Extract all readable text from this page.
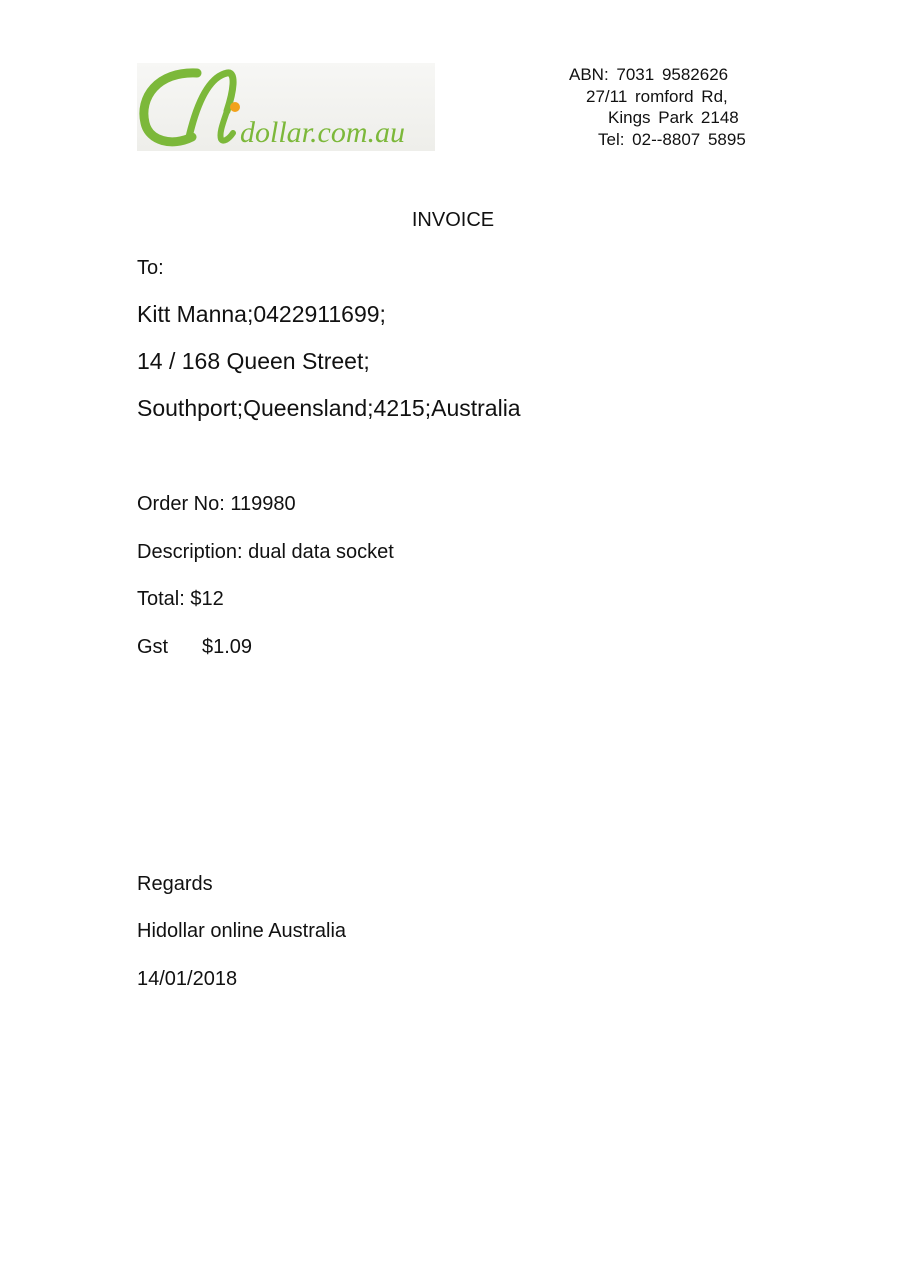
dollar.com.au
ABN: 7031 9582626
27/11 romford Rd,
Kings Park 2148
Tel: 02--8807 5895
INVOICE
To:
Kitt Manna;0422911699;
14 / 168 Queen Street;
Southport;Queensland;4215;Australia
Order No: 119980
Description: dual data socket
Total: $12
Gst $1.09
Regards
Hidollar online Australia
14/01/2018
